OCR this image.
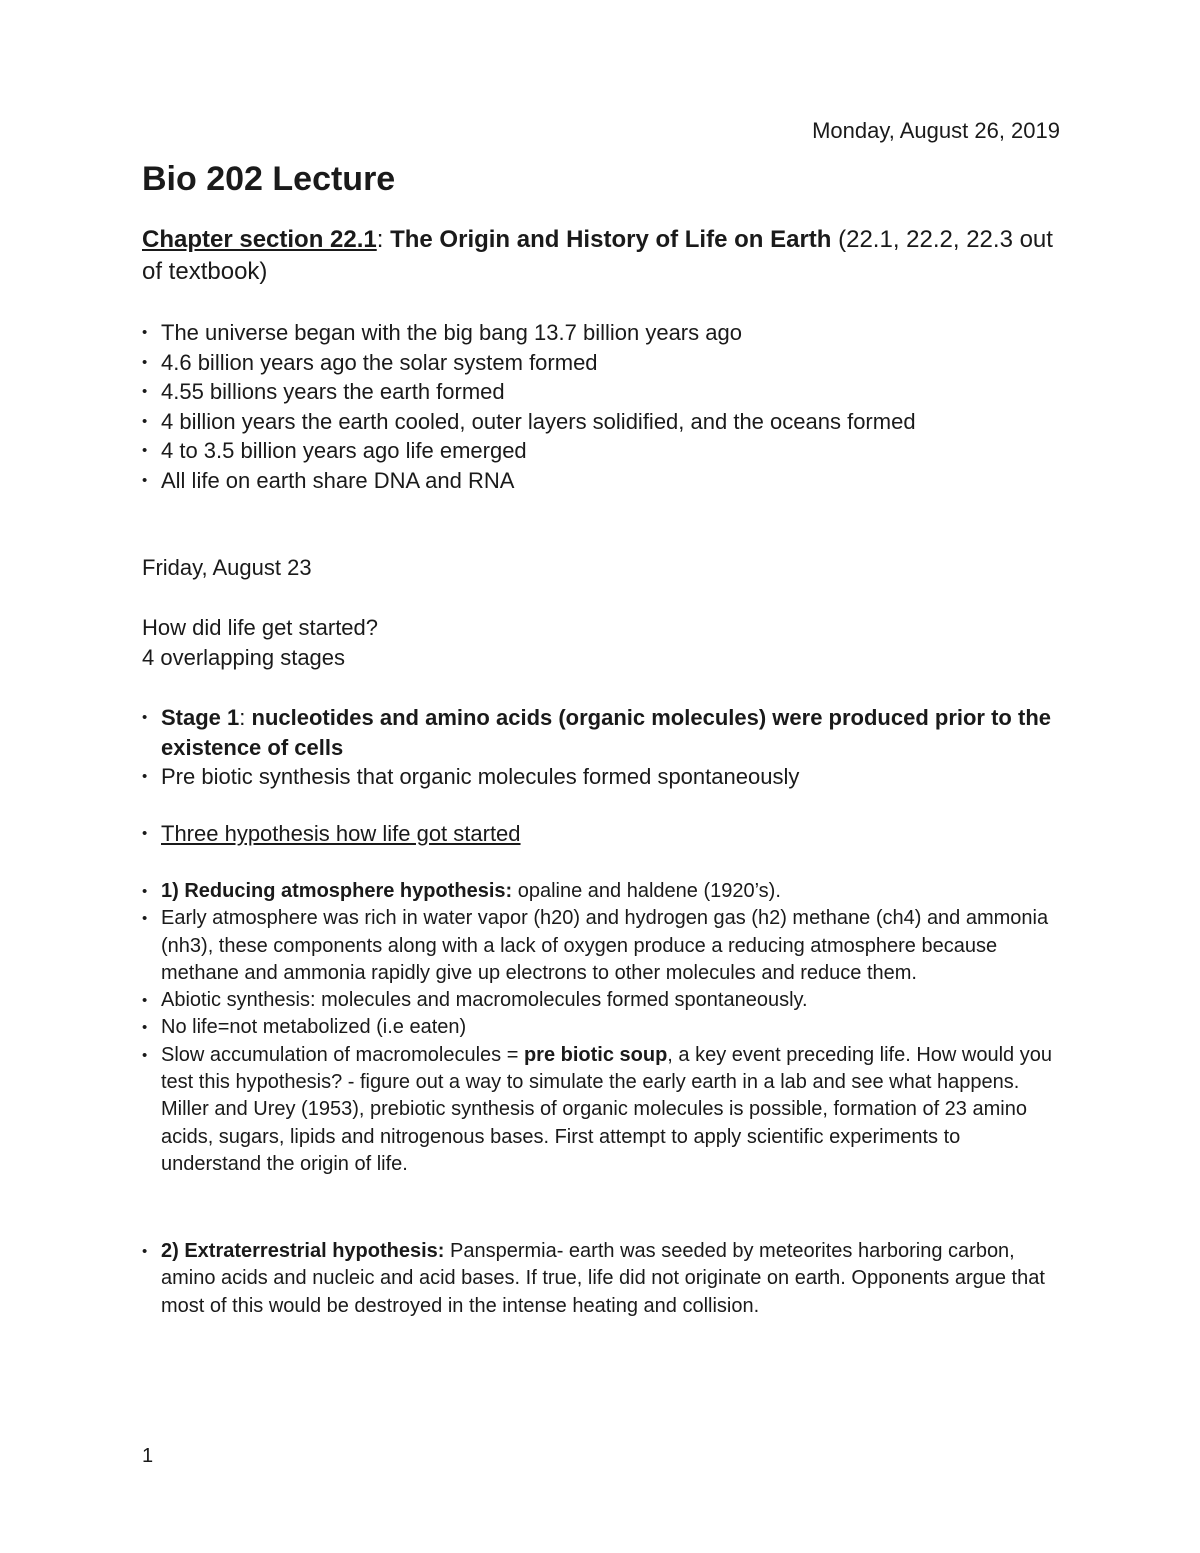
Monday, August 26, 2019
Bio 202 Lecture
Chapter section 22.1: The Origin and History of Life on Earth (22.1, 22.2, 22.3 out of textbook)
• The universe began with the big bang 13.7 billion years ago
• 4.6 billion years ago the solar system formed
• 4.55 billions years the earth formed
• 4 billion years the earth cooled, outer layers solidified, and the oceans formed
• 4 to 3.5 billion years ago life emerged
• All life on earth share DNA and RNA
Friday, August 23
How did life get started?
4 overlapping stages
• Stage 1: nucleotides and amino acids (organic molecules) were produced prior to the existence of cells
• Pre biotic synthesis that organic molecules formed spontaneously
• Three hypothesis how life got started
• 1) Reducing atmosphere hypothesis: opaline and haldene (1920’s).
• Early atmosphere was rich in water vapor (h20) and hydrogen gas (h2) methane (ch4) and ammonia (nh3), these components along with a lack of oxygen produce a reducing atmosphere because methane and ammonia rapidly give up electrons to other molecules and reduce them.
• Abiotic synthesis: molecules and macromolecules formed spontaneously.
• No life=not metabolized (i.e eaten)
• Slow accumulation of macromolecules = pre biotic soup, a key event preceding life. How would you test this hypothesis? - figure out a way to simulate the early earth in a lab and see what happens. Miller and Urey (1953), prebiotic synthesis of organic molecules is possible, formation of 23 amino acids, sugars, lipids and nitrogenous bases. First attempt to apply scientific experiments to understand the origin of life.
• 2) Extraterrestrial hypothesis: Panspermia- earth was seeded by meteorites harboring carbon, amino acids and nucleic and acid bases. If true, life did not originate on earth. Opponents argue that most of this would be destroyed in the intense heating and collision.
1
